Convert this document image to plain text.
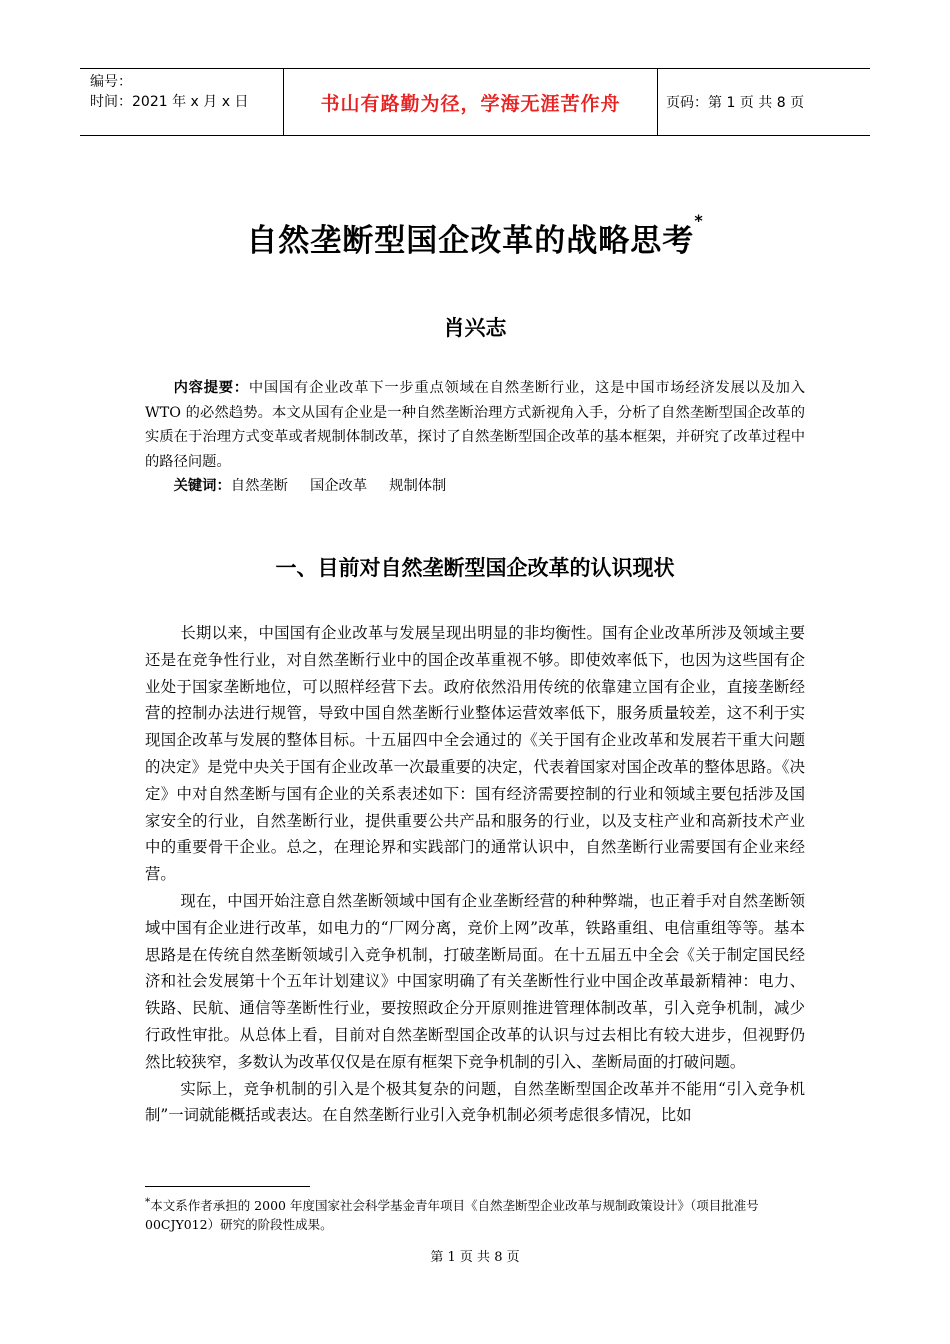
编号：
时间：2021 年 x 月 x 日	书山有路勤为径，学海无涯苦作舟	页码：第 1 页 共 8 页
自然垄断型国企改革的战略思考*
肖兴志

内容提要：中国国有企业改革下一步重点领域在自然垄断行业，这是中国市场经济发展以及加入 WTO 的必然趋势。本文从国有企业是一种自然垄断治理方式新视角入手，分析了自然垄断型国企改革的实质在于治理方式变革或者规制体制改革，探讨了自然垄断型国企改革的基本框架，并研究了改革过程中的路径问题。

关键词：自然垄断 国企改革 规制体制

一、目前对自然垄断型国企改革的认识现状

长期以来，中国国有企业改革与发展呈现出明显的非均衡性。国有企业改革所涉及领域主要还是在竞争性行业，对自然垄断行业中的国企改革重视不够。即使效率低下，也因为这些国有企业处于国家垄断地位，可以照样经营下去。政府依然沿用传统的依靠建立国有企业，直接垄断经营的控制办法进行规管，导致中国自然垄断行业整体运营效率低下，服务质量较差，这不利于实现国企改革与发展的整体目标。十五届四中全会通过的《关于国有企业改革和发展若干重大问题的决定》是党中央关于国有企业改革一次最重要的决定，代表着国家对国企改革的整体思路。《决定》中对自然垄断与国有企业的关系表述如下：国有经济需要控制的行业和领域主要包括涉及国家安全的行业，自然垄断行业，提供重要公共产品和服务的行业，以及支柱产业和高新技术产业中的重要骨干企业。总之，在理论界和实践部门的通常认识中，自然垄断行业需要国有企业来经营。

现在，中国开始注意自然垄断领域中国有企业垄断经营的种种弊端，也正着手对自然垄断领域中国有企业进行改革，如电力的“厂网分离，竞价上网”改革，铁路重组、电信重组等等。基本思路是在传统自然垄断领域引入竞争机制，打破垄断局面。在十五届五中全会《关于制定国民经济和社会发展第十个五年计划建议》中国家明确了有关垄断性行业中国企改革最新精神：电力、铁路、民航、通信等垄断性行业，要按照政企分开原则推进管理体制改革，引入竞争机制，减少行政性审批。从总体上看，目前对自然垄断型国企改革的认识与过去相比有较大进步，但视野仍然比较狭窄，多数认为改革仅仅是在原有框架下竞争机制的引入、垄断局面的打破问题。

实际上，竞争机制的引入是个极其复杂的问题，自然垄断型国企改革并不能用“引入竞争机制”一词就能概括或表达。在自然垄断行业引入竞争机制必须考虑很多情况，比如

*本文系作者承担的 2000 年度国家社会科学基金青年项目《自然垄断型企业改革与规制政策设计》（项目批准号 00CJY012）研究的阶段性成果。
第 1 页 共 8 页
